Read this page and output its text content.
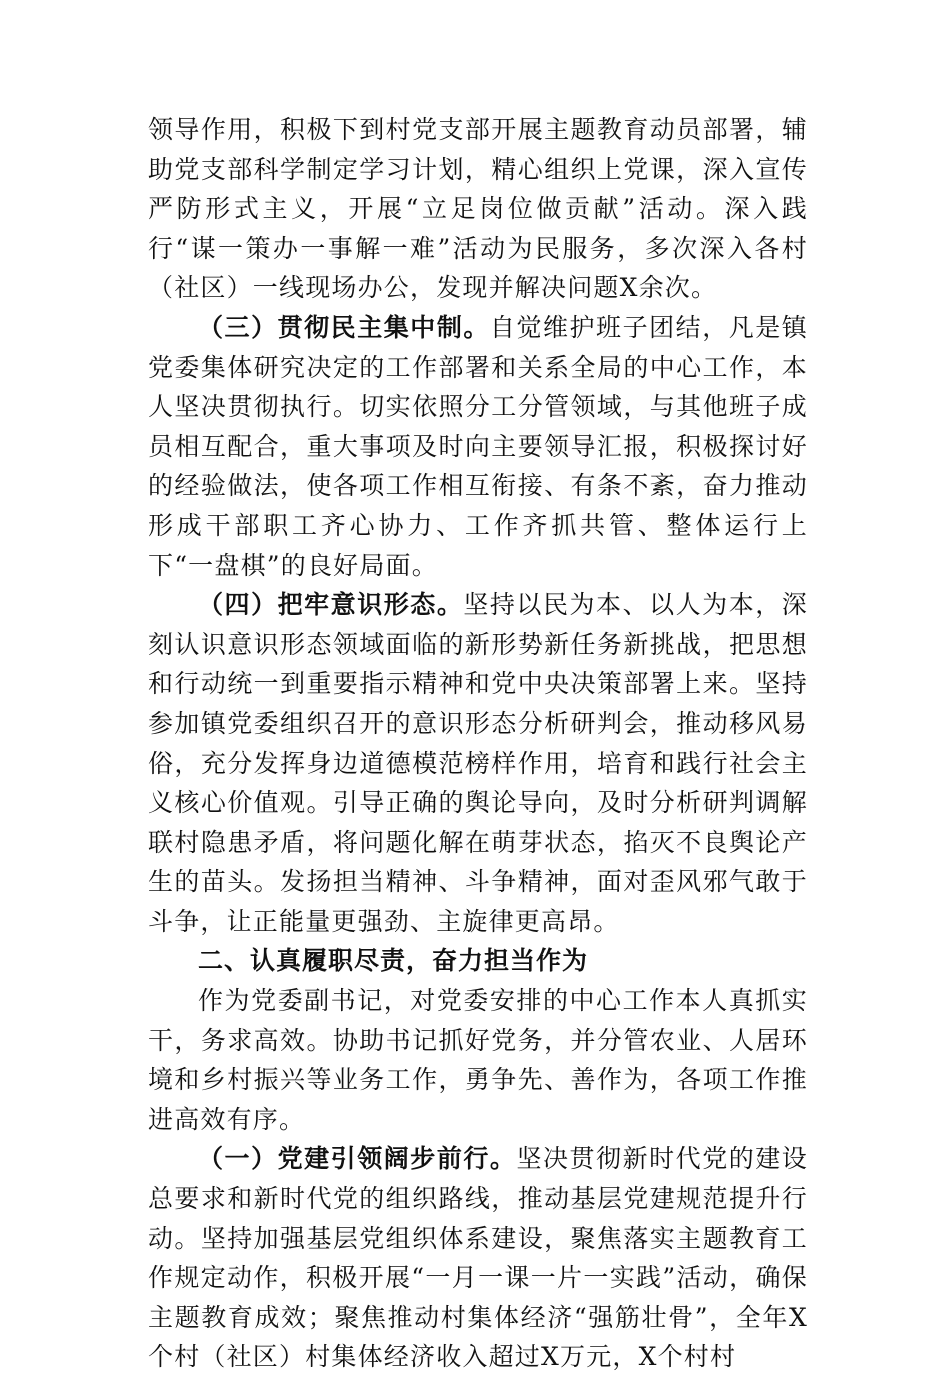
领导作用，积极下到村党支部开展主题教育动员部署，辅助党支部科学制定学习计划，精心组织上党课，深入宣传严防形式主义，开展“立足岗位做贡献”活动。深入践行“谋一策办一事解一难”活动为民服务，多次深入各村（社区）一线现场办公，发现并解决问题X余次。

（三）贯彻民主集中制。自觉维护班子团结，凡是镇党委集体研究决定的工作部署和关系全局的中心工作，本人坚决贯彻执行。切实依照分工分管领域，与其他班子成员相互配合，重大事项及时向主要领导汇报，积极探讨好的经验做法，使各项工作相互衔接、有条不紊，奋力推动形成干部职工齐心协力、工作齐抓共管、整体运行上下“一盘棋”的良好局面。

（四）把牢意识形态。坚持以民为本、以人为本，深刻认识意识形态领域面临的新形势新任务新挑战，把思想和行动统一到重要指示精神和党中央决策部署上来。坚持参加镇党委组织召开的意识形态分析研判会，推动移风易俗，充分发挥身边道德模范榜样作用，培育和践行社会主义核心价值观。引导正确的舆论导向，及时分析研判调解联村隐患矛盾，将问题化解在萌芽状态，掐灭不良舆论产生的苗头。发扬担当精神、斗争精神，面对歪风邪气敢于斗争，让正能量更强劲、主旋律更高昂。

二、认真履职尽责，奋力担当作为

作为党委副书记，对党委安排的中心工作本人真抓实干，务求高效。协助书记抓好党务，并分管农业、人居环境和乡村振兴等业务工作，勇争先、善作为，各项工作推进高效有序。

（一）党建引领阔步前行。坚决贯彻新时代党的建设总要求和新时代党的组织路线，推动基层党建规范提升行动。坚持加强基层党组织体系建设，聚焦落实主题教育工作规定动作，积极开展“一月一课一片一实践”活动，确保主题教育成效；聚焦推动村集体经济“强筋壮骨”，全年X个村（社区）村集体经济收入超过X万元，X个村村
